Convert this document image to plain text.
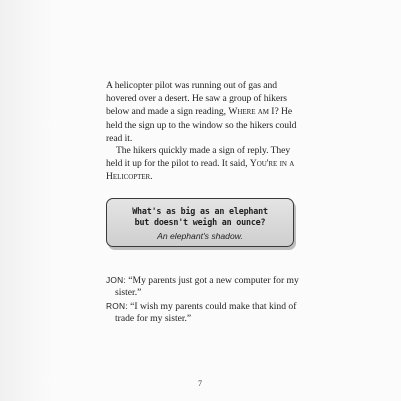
A helicopter pilot was running out of gas and hovered over a desert. He saw a group of hikers below and made a sign reading, Where am I? He held the sign up to the window so the hikers could read it.

The hikers quickly made a sign of reply. They held it up for the pilot to read. It said, You're in a Helicopter.

What's as big as an elephant
but doesn't weigh an ounce?

An elephant's shadow.

JON: “My parents just got a new computer for my sister.”

RON: “I wish my parents could make that kind of trade for my sister.”

7
